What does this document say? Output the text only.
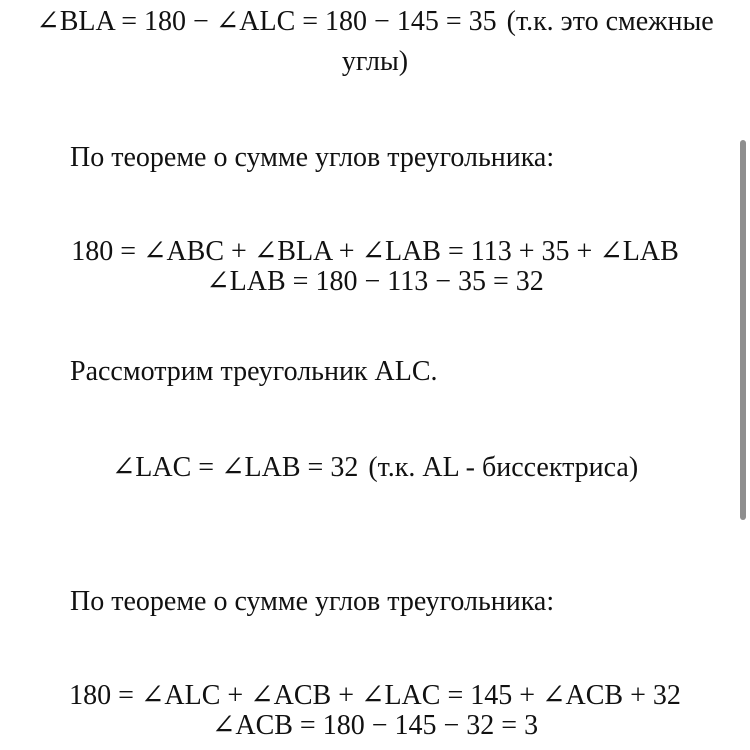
∠BLA = 180 − ∠ALC = 180 − 145 = 35 (т.к. это смежные
углы)
По теореме о сумме углов треугольника:
180 = ∠ABC + ∠BLA + ∠LAB = 113 + 35 + ∠LAB
∠LAB = 180 − 113 − 35 = 32
Рассмотрим треугольник ALC.
∠LAC = ∠LAB = 32 (т.к. AL - биссектриса)
По теореме о сумме углов треугольника:
180 = ∠ALC + ∠ACB + ∠LAC = 145 + ∠ACB + 32
∠ACB = 180 − 145 − 32 = 3
